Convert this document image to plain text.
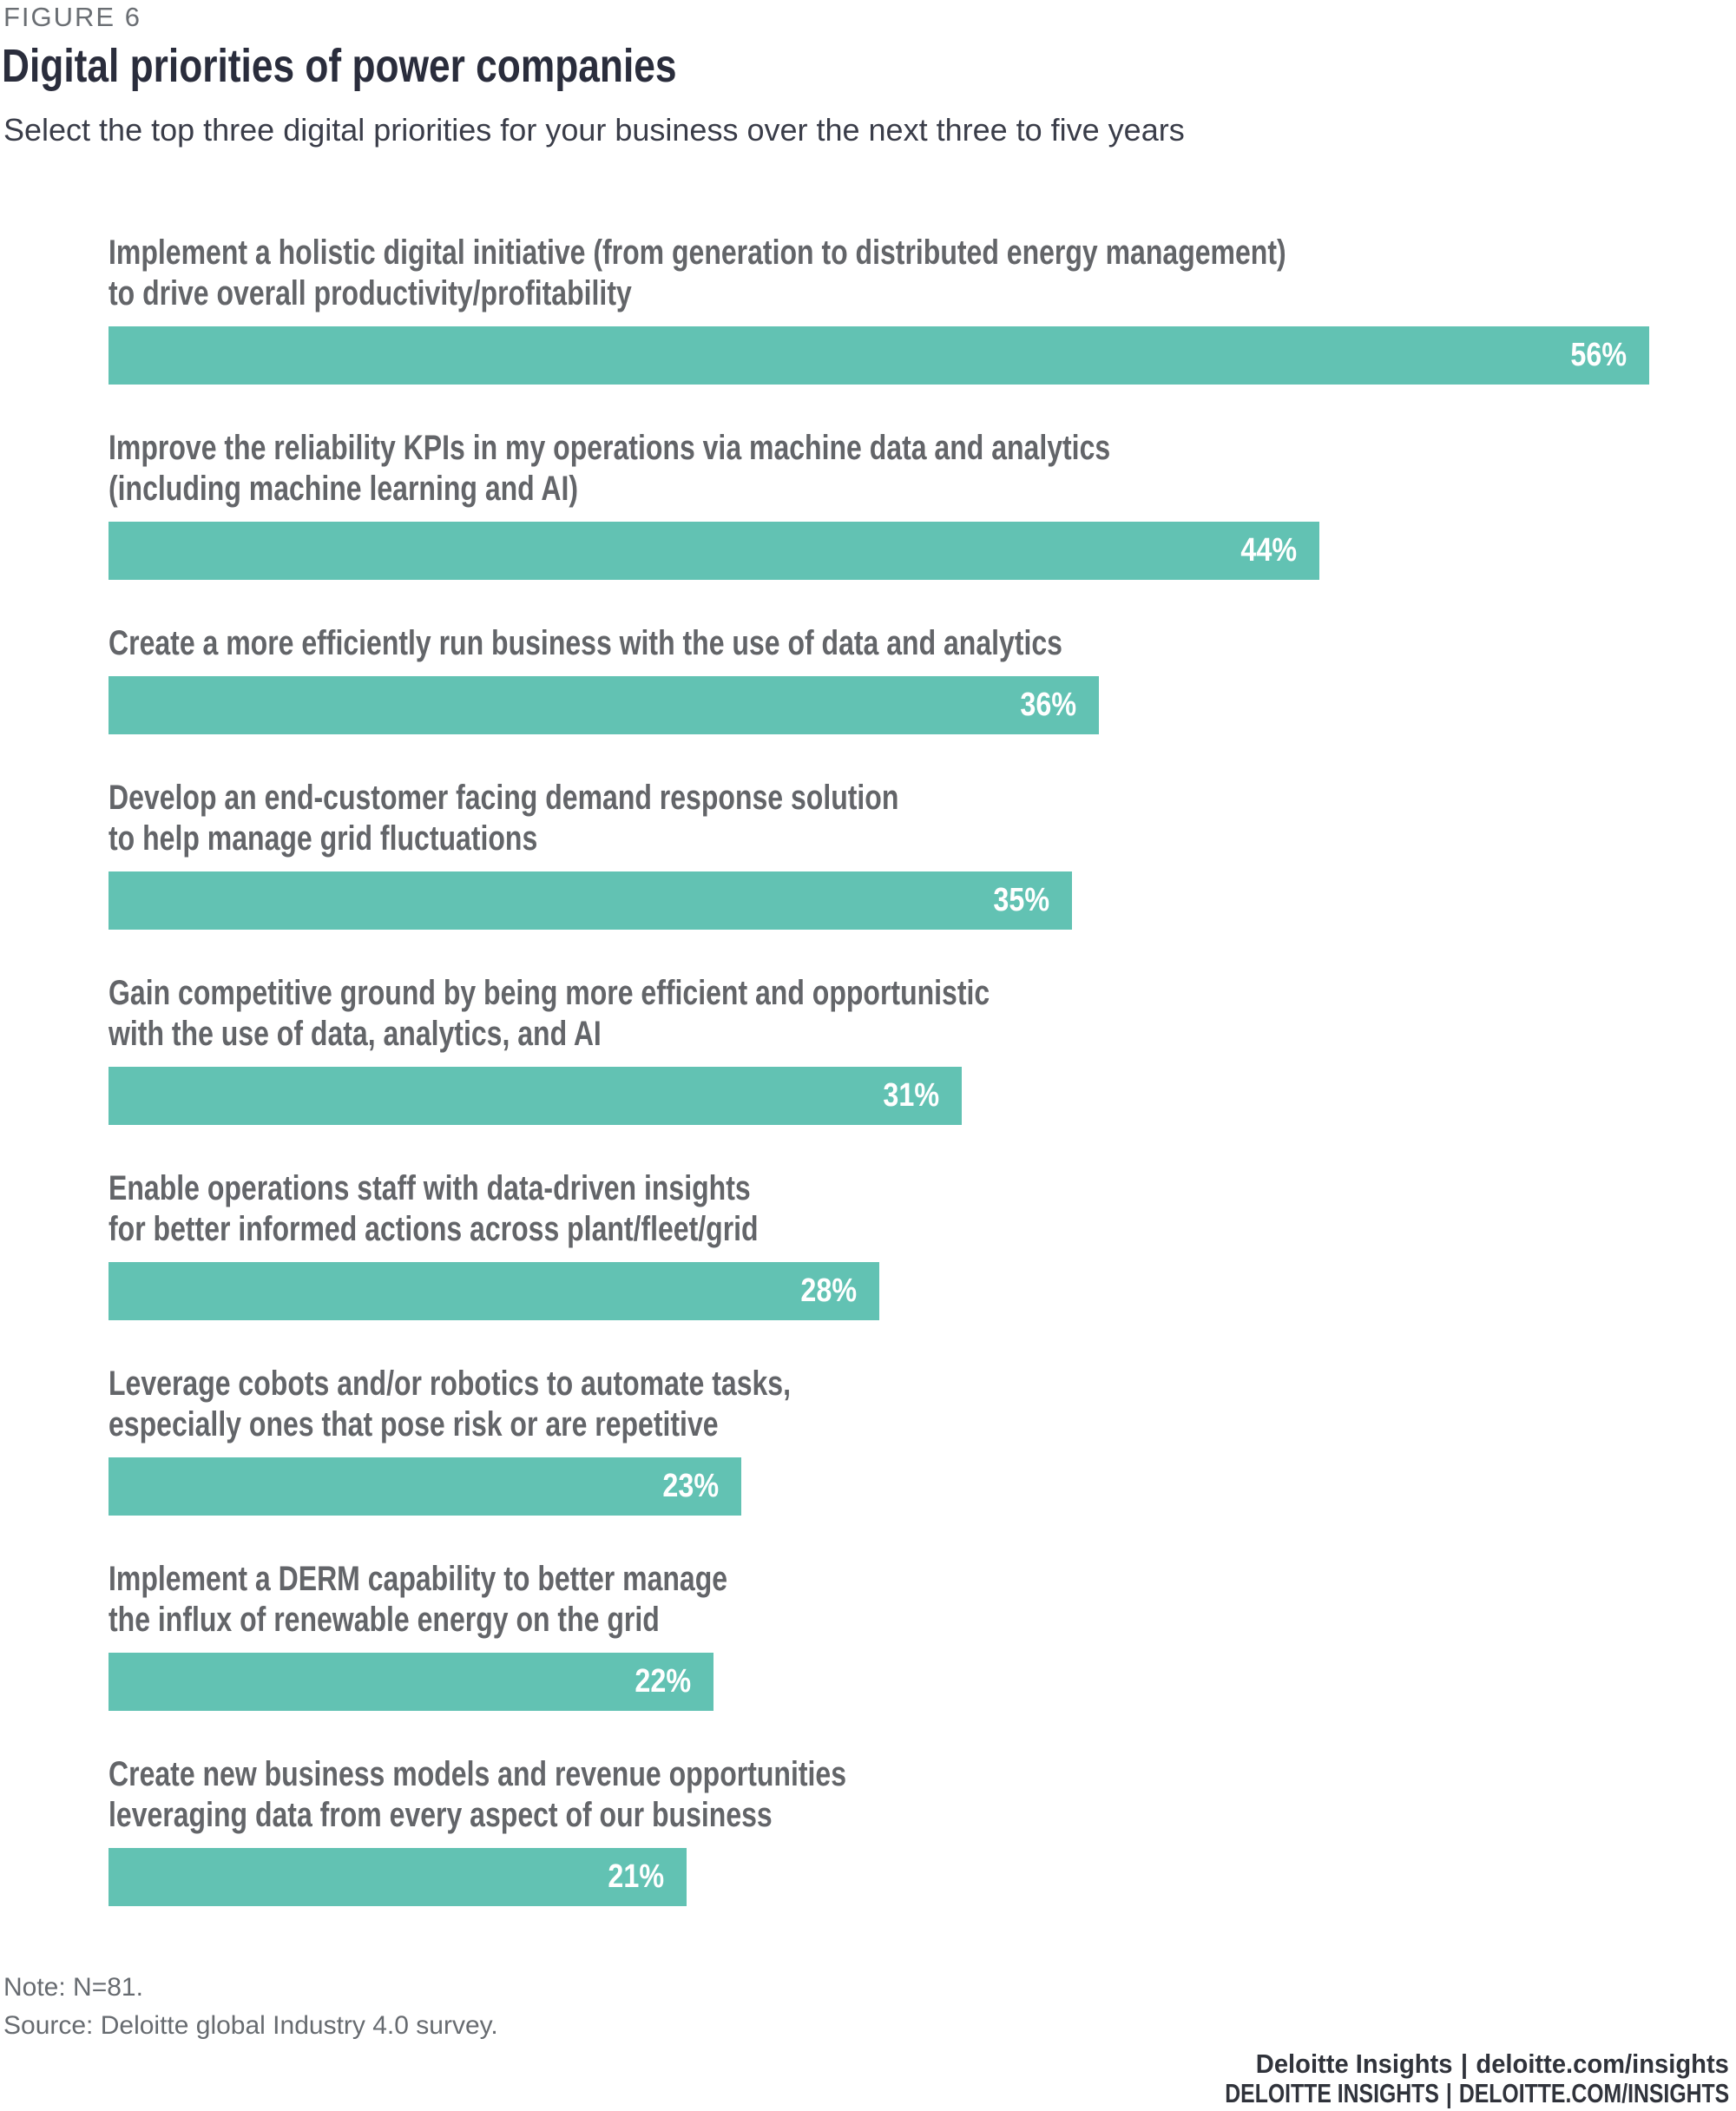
FIGURE 6
Digital priorities of power companies

Select the top three digital priorities for your business over the next three to five years

Implement a holistic digital initiative (from generation to distributed energy management)
to drive overall productivity/profitability
56%
Improve the reliability KPIs in my operations via machine data and analytics
(including machine learning and AI)
44%
Create a more efficiently run business with the use of data and analytics
36%
Develop an end-customer facing demand response solution
to help manage grid fluctuations
35%
Gain competitive ground by being more efficient and opportunistic
with the use of data, analytics, and AI
31%
Enable operations staff with data-driven insights
for better informed actions across plant/fleet/grid
28%
Leverage cobots and/or robotics to automate tasks,
especially ones that pose risk or are repetitive
23%
Implement a DERM capability to better manage
the influx of renewable energy on the grid
22%
Create new business models and revenue opportunities
leveraging data from every aspect of our business
21%
Note: N=81.
Source: Deloitte global Industry 4.0 survey.
Deloitte Insights | deloitte.com/insights
DELOITTE INSIGHTS | DELOITTE.COM/INSIGHTS
